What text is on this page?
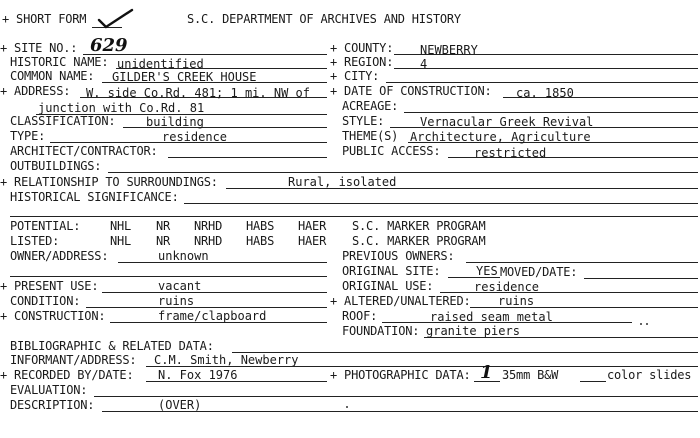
+ SHORT FORM	S.C. DEPARTMENT OF ARCHIVES AND HISTORY
+ SITE NO.: 629	+ COUNTY: NEWBERRY
HISTORIC NAME: unidentified	+ REGION: 4
COMMON NAME: GILDER'S CREEK HOUSE	+ CITY:
+ ADDRESS: W. side Co.Rd. 481; 1 mi. NW of + DATE OF CONSTRUCTION: ca. 1850
junction with Co.Rd. 81	ACREAGE:
CLASSIFICATION:	building	STYLE:	Vernacular Greek Revival
TYPE:	residence	THEME(S) Architecture, Agriculture
ARCHITECT/CONTRACTOR:	PUBLIC ACCESS:	restricted
OUTBUILDINGS:
+ RELATIONSHIP TO SURROUNDINGS:	Rural, isolated
HISTORICAL SIGNIFICANCE:
POTENTIAL: NHL NR NRHD HABS HAER S.C. MARKER PROGRAM
LISTED:	NHL NR NRHD HABS HAER S.C. MARKER PROGRAM
OWNER/ADDRESS:	unknown	PREVIOUS OWNERS:
ORIGINAL SITE:	YES MOVED/DATE:
+ PRESENT USE:	vacant	ORIGINAL USE:	residence
CONDITION:	ruins	+ ALTERED/UNALTERED: ruins
+ CONSTRUCTION:	frame/clapboard	ROOF:	raised seam metal
FOUNDATION: granite piers
BIBLIOGRAPHIC & RELATED DATA:
INFORMANT/ADDRESS: C.M. Smith, Newberry
+ RECORDED BY/DATE: N. Fox 1976	+ PHOTOGRAPHIC DATA: 1 35mm B&W	color slides
EVALUATION:
DESCRIPTION:	(OVER)
